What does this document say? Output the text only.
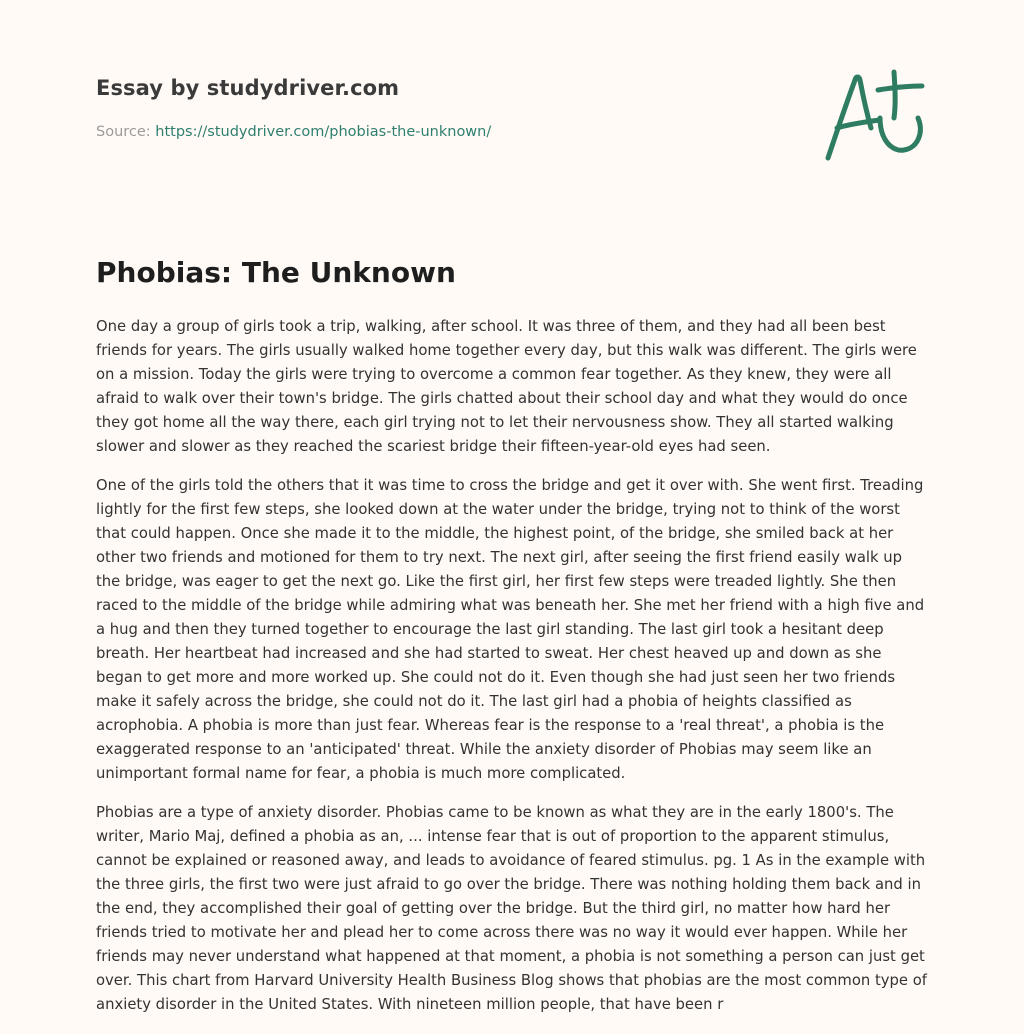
Essay by studydriver.com
Source: https://studydriver.com/phobias-the-unknown/
Phobias: The Unknown

One day a group of girls took a trip, walking, after school. It was three of them, and they had all been best friends for years. The girls usually walked home together every day, but this walk was different. The girls were on a mission. Today the girls were trying to overcome a common fear together. As they knew, they were all afraid to walk over their town's bridge. The girls chatted about their school day and what they would do once they got home all the way there, each girl trying not to let their nervousness show. They all started walking slower and slower as they reached the scariest bridge their fifteen-year-old eyes had seen.

One of the girls told the others that it was time to cross the bridge and get it over with. She went first. Treading lightly for the first few steps, she looked down at the water under the bridge, trying not to think of the worst that could happen. Once she made it to the middle, the highest point, of the bridge, she smiled back at her other two friends and motioned for them to try next. The next girl, after seeing the first friend easily walk up the bridge, was eager to get the next go. Like the first girl, her first few steps were treaded lightly. She then raced to the middle of the bridge while admiring what was beneath her. She met her friend with a high five and a hug and then they turned together to encourage the last girl standing. The last girl took a hesitant deep breath. Her heartbeat had increased and she had started to sweat. Her chest heaved up and down as she began to get more and more worked up. She could not do it. Even though she had just seen her two friends make it safely across the bridge, she could not do it. The last girl had a phobia of heights classified as acrophobia. A phobia is more than just fear. Whereas fear is the response to a 'real threat', a phobia is the exaggerated response to an 'anticipated' threat. While the anxiety disorder of Phobias may seem like an unimportant formal name for fear, a phobia is much more complicated.

Phobias are a type of anxiety disorder. Phobias came to be known as what they are in the early 1800's. The writer, Mario Maj, defined a phobia as an, ... intense fear that is out of proportion to the apparent stimulus, cannot be explained or reasoned away, and leads to avoidance of feared stimulus. pg. 1 As in the example with the three girls, the first two were just afraid to go over the bridge. There was nothing holding them back and in the end, they accomplished their goal of getting over the bridge. But the third girl, no matter how hard her friends tried to motivate her and plead her to come across there was no way it would ever happen. While her friends may never understand what happened at that moment, a phobia is not something a person can just get over. This chart from Harvard University Health Business Blog shows that phobias are the most common type of anxiety disorder in the United States. With nineteen million people, that have been r
